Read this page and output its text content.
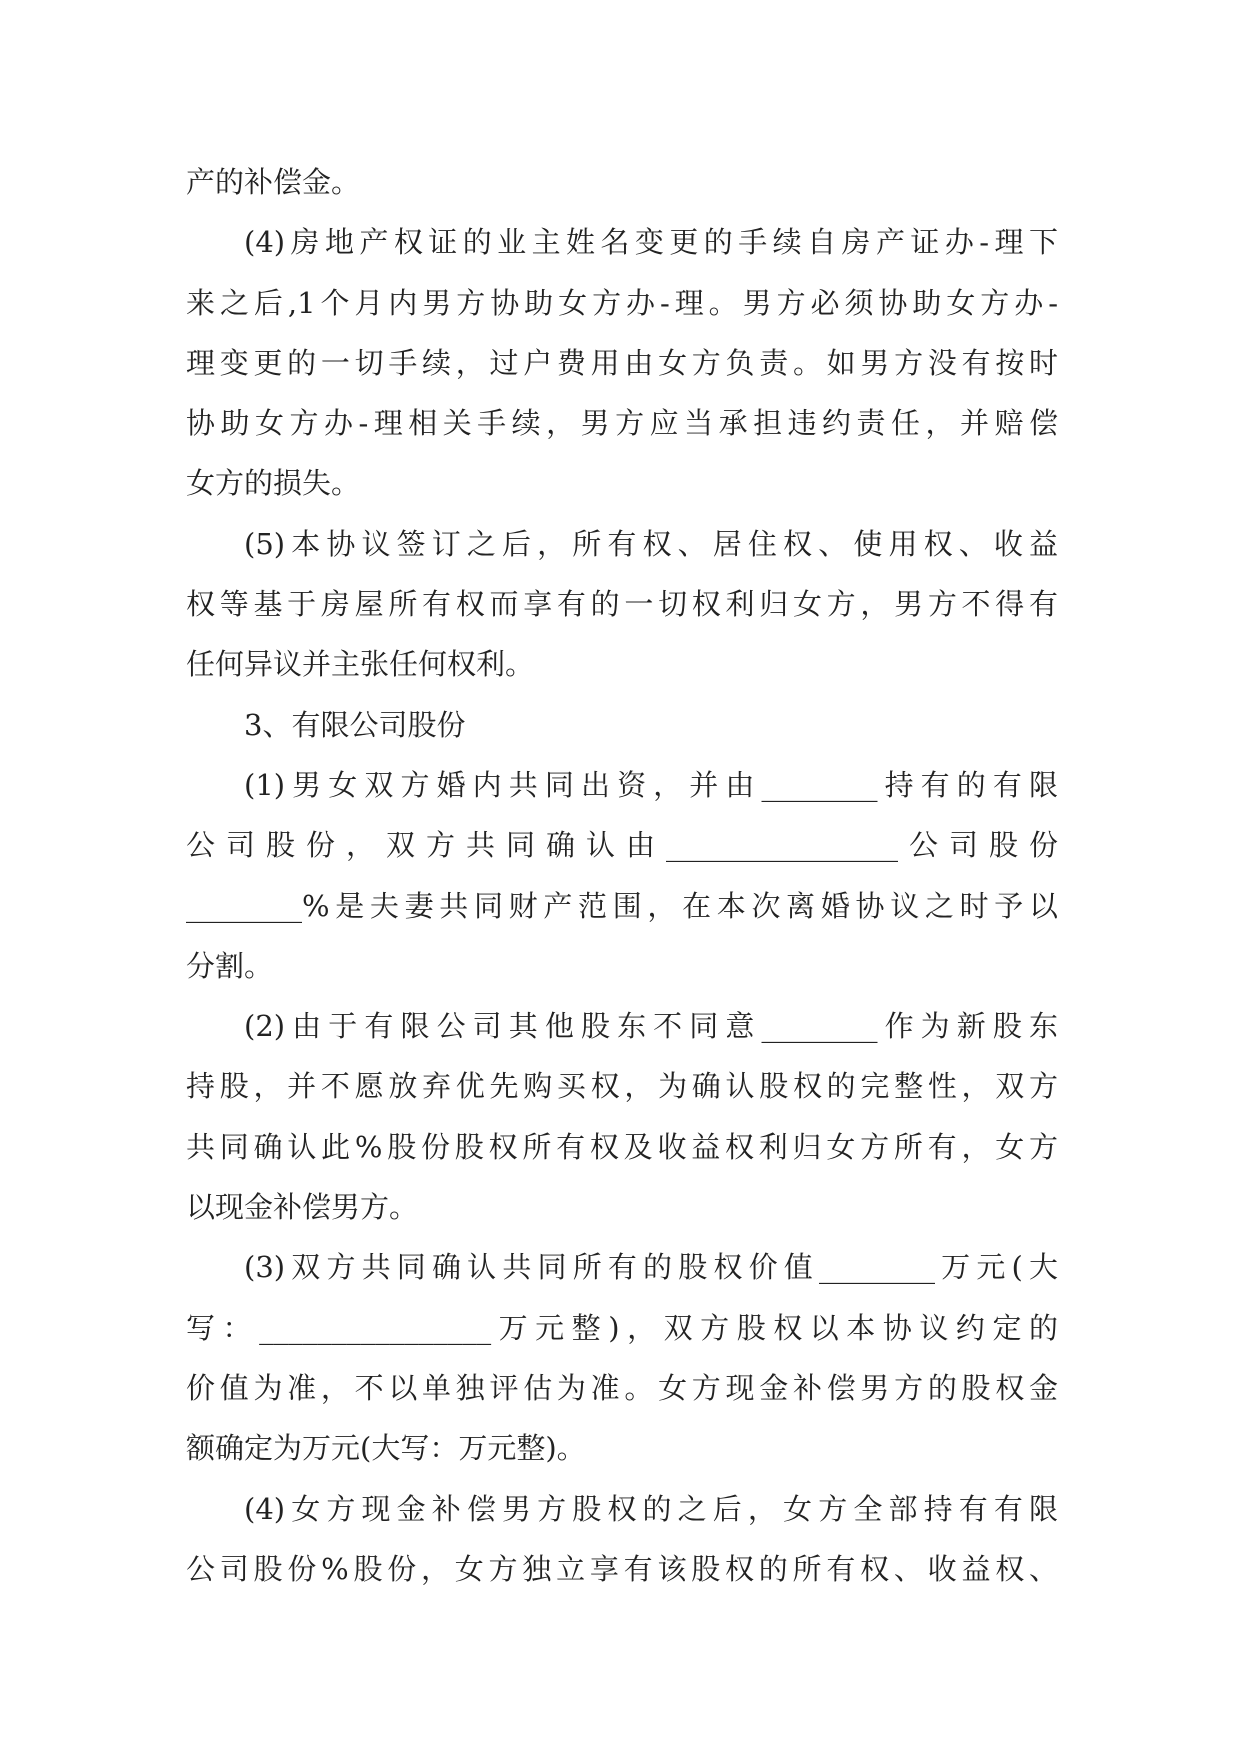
产的补偿金。
(4)房地产权证的业主姓名变更的手续自房产证办-理下
来之后,1个月内男方协助女方办-理。男方必须协助女方办-
理变更的一切手续，过户费用由女方负责。如男方没有按时
协助女方办-理相关手续，男方应当承担违约责任，并赔偿
女方的损失。
(5)本协议签订之后，所有权、居住权、使用权、收益
权等基于房屋所有权而享有的一切权利归女方，男方不得有
任何异议并主张任何权利。
3、有限公司股份
(1)男女双方婚内共同出资，并由________持有的有限
公司股份，双方共同确认由________________公司股份
________%是夫妻共同财产范围，在本次离婚协议之时予以
分割。
(2)由于有限公司其他股东不同意________作为新股东
持股，并不愿放弃优先购买权，为确认股权的完整性，双方
共同确认此%股份股权所有权及收益权利归女方所有，女方
以现金补偿男方。
(3)双方共同确认共同所有的股权价值________万元(大
写：________________万元整)，双方股权以本协议约定的
价值为准，不以单独评估为准。女方现金补偿男方的股权金
额确定为万元(大写：万元整)。
(4)女方现金补偿男方股权的之后，女方全部持有有限
公司股份%股份，女方独立享有该股权的所有权、收益权、
